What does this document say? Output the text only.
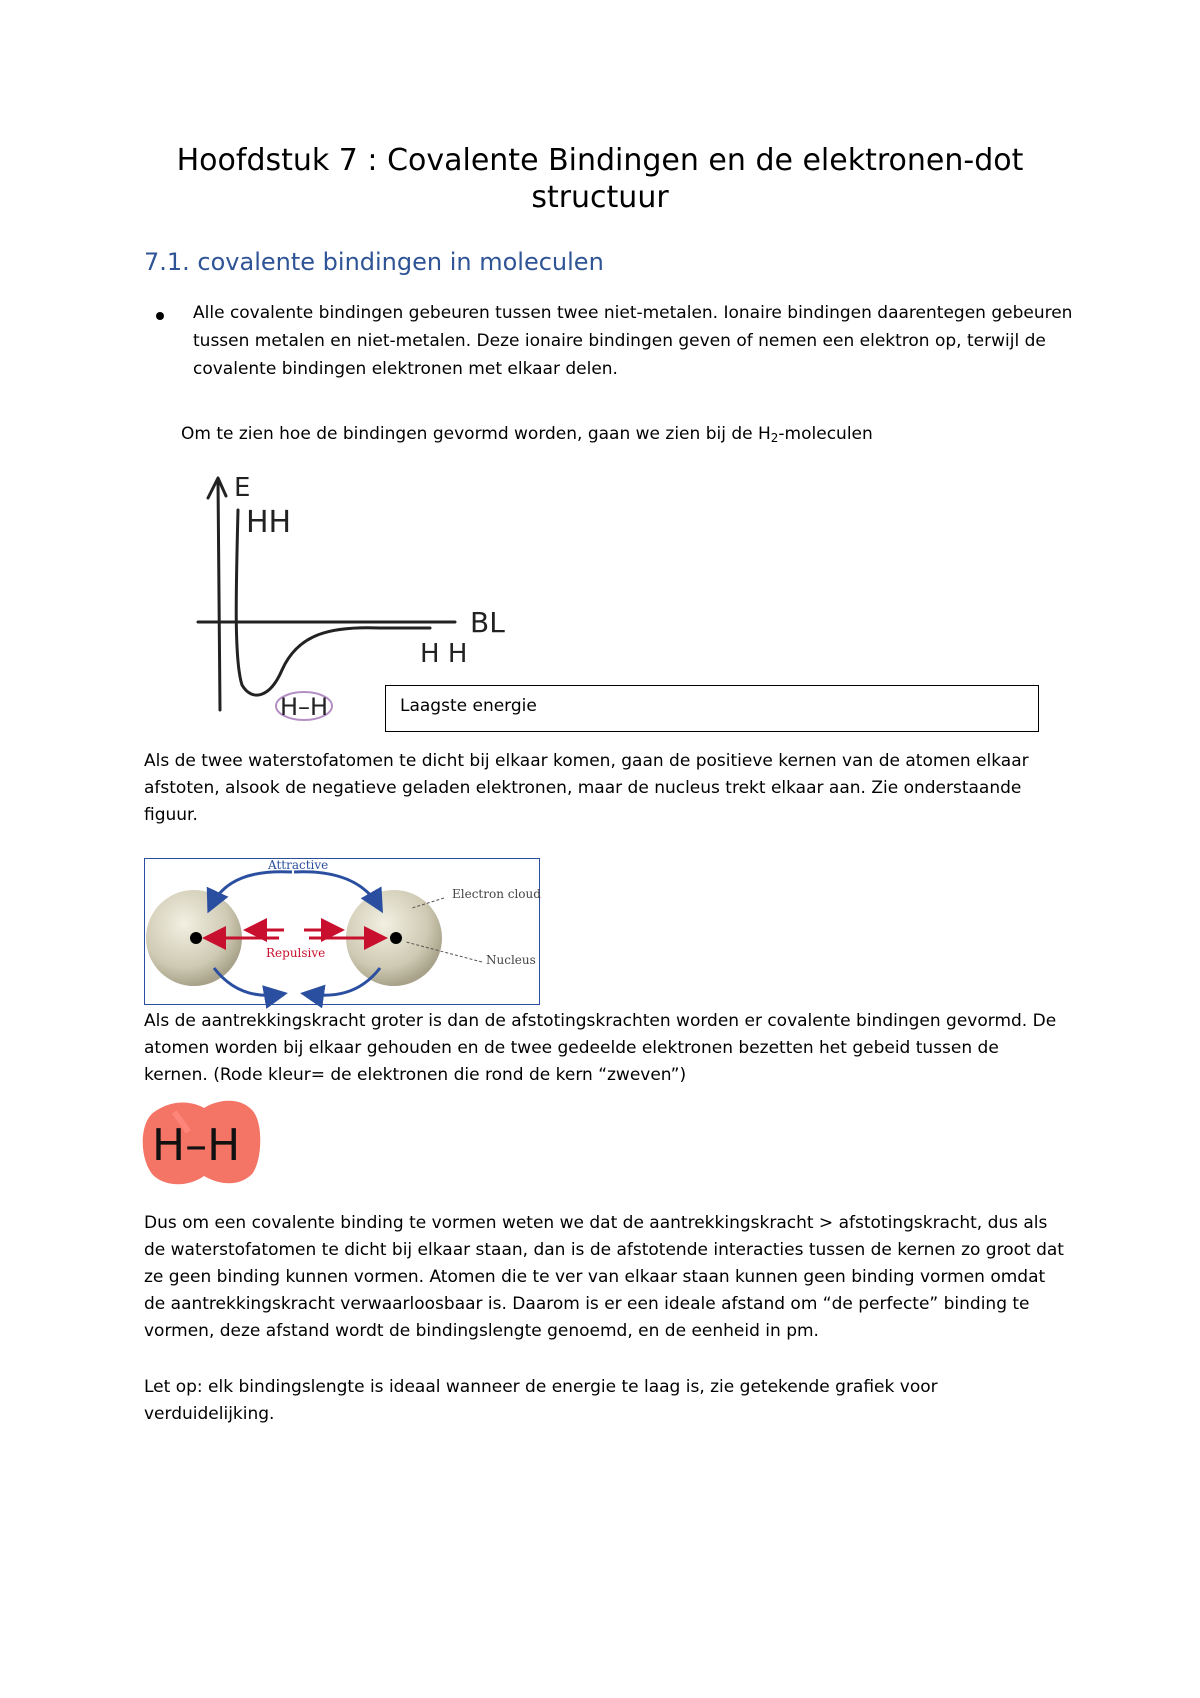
Hoofdstuk 7 : Covalente Bindingen en de elektronen-dot structuur
7.1. covalente bindingen in moleculen

Alle covalente bindingen gebeuren tussen twee niet-metalen. Ionaire bindingen daarentegen gebeuren tussen metalen en niet-metalen. Deze ionaire bindingen geven of nemen een elektron op, terwijl de covalente bindingen elektronen met elkaar delen.

Om te zien hoe de bindingen gevormd worden, gaan we zien bij de $H_2$-moleculen

E
HH
BL
H H
H–H	Laagste energie

Als de twee waterstofatomen te dicht bij elkaar komen, gaan de positieve kernen van de atomen elkaar afstoten, alsook de negatieve geladen elektronen, maar de nucleus trekt elkaar aan. Zie onderstaande figuur.

Attractive
Repulsive
Electron cloud
Nucleus

Als de aantrekkingskracht groter is dan de afstotingskrachten worden er covalente bindingen gevormd. De atomen worden bij elkaar gehouden en de twee gedeelde elektronen bezetten het gebeid tussen de kernen. (Rode kleur= de elektronen die rond de kern “zweven”)

H–H

Dus om een covalente binding te vormen weten we dat de aantrekkingskracht > afstotingskracht, dus als de waterstofatomen te dicht bij elkaar staan, dan is de afstotende interacties tussen de kernen zo groot dat ze geen binding kunnen vormen. Atomen die te ver van elkaar staan kunnen geen binding vormen omdat de aantrekkingskracht verwaarloosbaar is. Daarom is er een ideale afstand om “de perfecte” binding te vormen, deze afstand wordt de bindingslengte genoemd, en de eenheid in pm.

Let op: elk bindingslengte is ideaal wanneer de energie te laag is, zie getekende grafiek voor verduidelijking.
